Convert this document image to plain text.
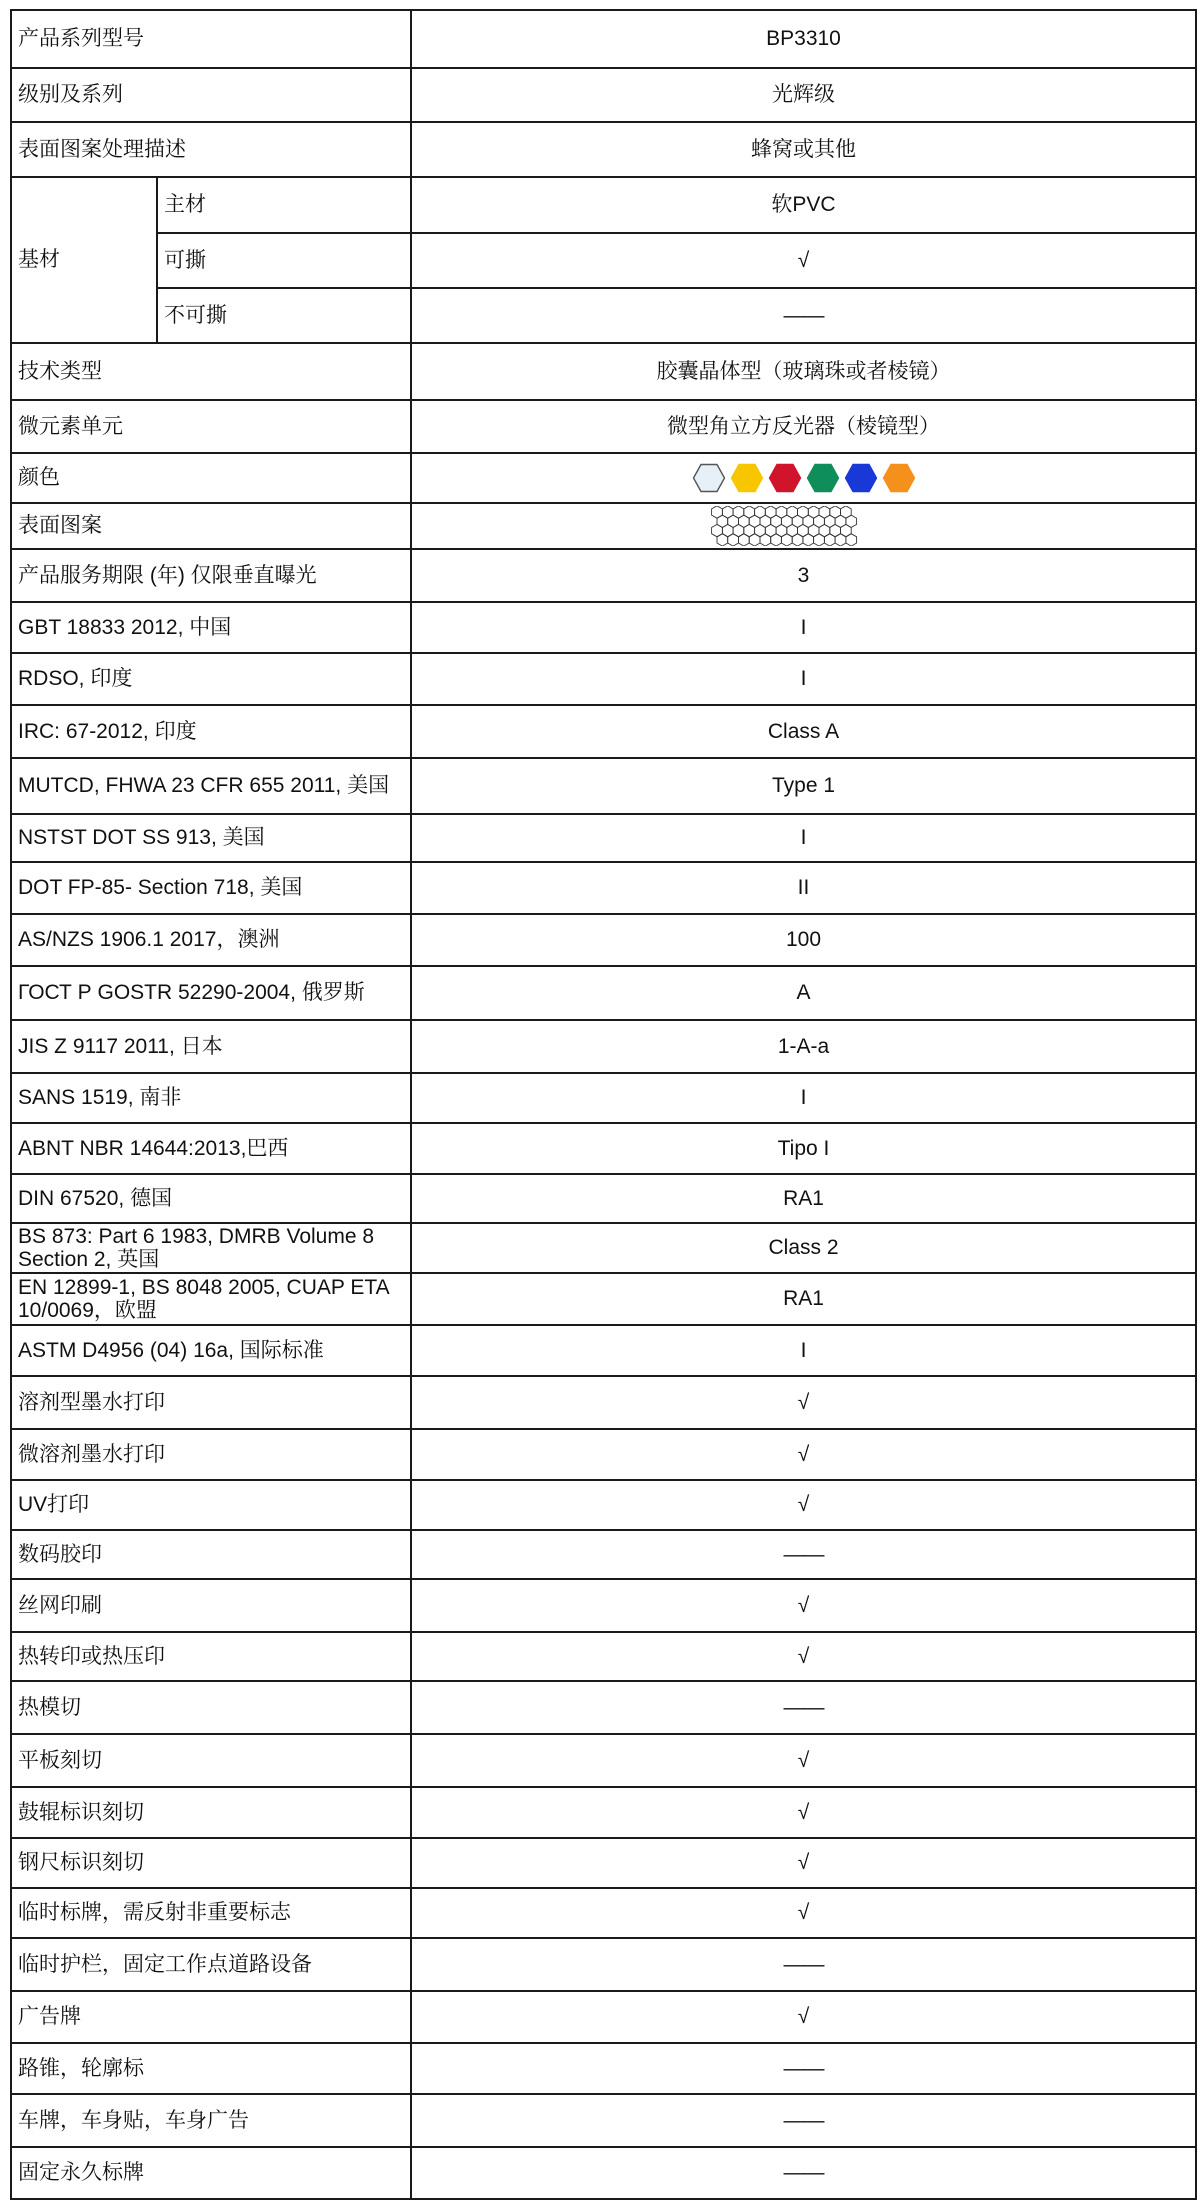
产品系列型号		BP3310
级别及系列		光辉级
表面图案处理描述		蜂窝或其他
基材	主材	软PVC
	可撕	√
	不可撕	——
技术类型		胶囊晶体型（玻璃珠或者棱镜）
微元素单元		微型角立方反光器（棱镜型）
颜色	

表面图案	
产品服务期限 (年) 仅限垂直曝光		3
GBT 18833 2012, 中国		I
RDSO, 印度		I
IRC: 67-2012, 印度		Class A
MUTCD, FHWA 23 CFR 655 2011, 美国		Type 1
NSTST DOT SS 913, 美国		I
DOT FP-85- Section 718, 美国		II
AS/NZS 1906.1 2017，澳洲		100
ГОСТ Р GOSTR 52290-2004, 俄罗斯		A
JIS Z 9117 2011, 日本		1-A-a
SANS 1519, 南非		I
ABNT NBR 14644:2013,巴西		Tipo I
DIN 67520, 德国		RA1
BS 873: Part 6 1983, DMRB Volume 8 Section 2, 英国		Class 2
EN 12899-1, BS 8048 2005, CUAP ETA 10/0069，欧盟		RA1
ASTM D4956 (04) 16a, 国际标准		I
溶剂型墨水打印		√
微溶剂墨水打印		√
UV打印		√
数码胶印		——
丝网印刷		√
热转印或热压印		√
热模切		——
平板刻切		√
鼓辊标识刻切		√
钢尺标识刻切		√
临时标牌，需反射非重要标志		√
临时护栏，固定工作点道路设备		——
广告牌		√
路锥，轮廓标		——
车牌，车身贴，车身广告		——
固定永久标牌		——
